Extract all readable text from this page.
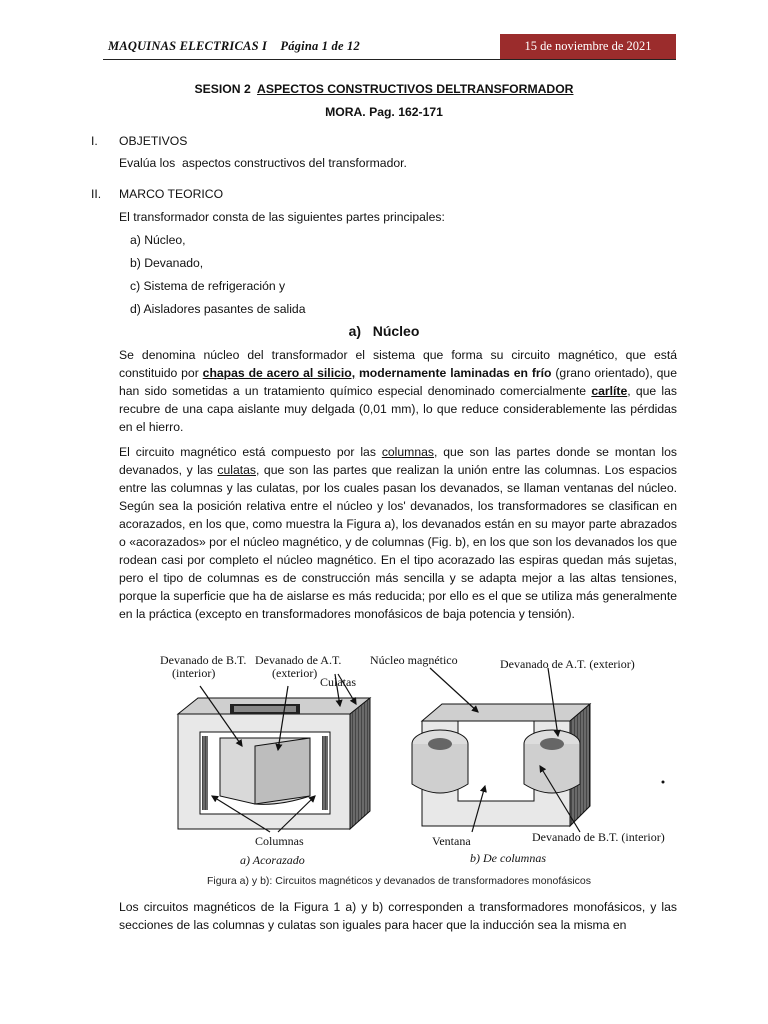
MAQUINAS ELECTRICAS I    Página 1 de 12	15 de noviembre de 2021
SESION 2 ASPECTOS CONSTRUCTIVOS DELTRANSFORMADOR
MORA. Pag. 162-171
I. OBJETIVOS
Evalúa los  aspectos constructivos del transformador.
II. MARCO TEORICO
El transformador consta de las siguientes partes principales:
a) Núcleo,
b) Devanado,
c) Sistema de refrigeración y
d) Aisladores pasantes de salida
a)   Núcleo
Se denomina núcleo del transformador el sistema que forma su circuito magnético, que está constituido por chapas de acero al silicio, modernamente laminadas en frío (grano orientado), que han sido sometidas a un tratamiento químico especial denominado comercialmente carlíte, que las recubre de una capa aislante muy delgada (0,01 mm), lo que reduce considerablemente las pérdidas en el hierro.
El circuito magnético está compuesto por las columnas, que son las partes donde se montan los devanados, y las culatas, que son las partes que realizan la unión entre las columnas. Los espacios entre las columnas y las culatas, por los cuales pasan los devanados, se llaman ventanas del núcleo. Según sea la posición relativa entre el núcleo y los' devanados, los transformadores se clasifican en acorazados, en los que, como muestra la Figura a), los devanados están en su mayor parte abrazados o «acorazados» por el núcleo magnético, y de columnas (Fig. b), en los que son los devanados los que rodean casi por completo el núcleo magnético. En el tipo acorazado las espiras quedan más sujetas, pero el tipo de columnas es de construcción más sencilla y se adapta mejor a las altas tensiones, porque la superficie que ha de aislarse es más reducida; por ello es el que se utiliza más generalmente en la práctica (excepto en transformadores monofásicos de baja potencia y tensión).
Devanado de B.T.
(interior)
Devanado de A.T.
(exterior)
Culatas
Columnas
a) Acorazado
Núcleo magnético	Devanado de A.T. (exterior)
Ventana	Devanado de B.T. (interior)
b) De columnas
Figura a) y b): Circuitos magnéticos y devanados de transformadores monofásicos
Los circuitos magnéticos de la Figura 1 a) y b) corresponden a transformadores monofásicos, y las secciones de las columnas y culatas son iguales para hacer que la inducción sea la misma en
